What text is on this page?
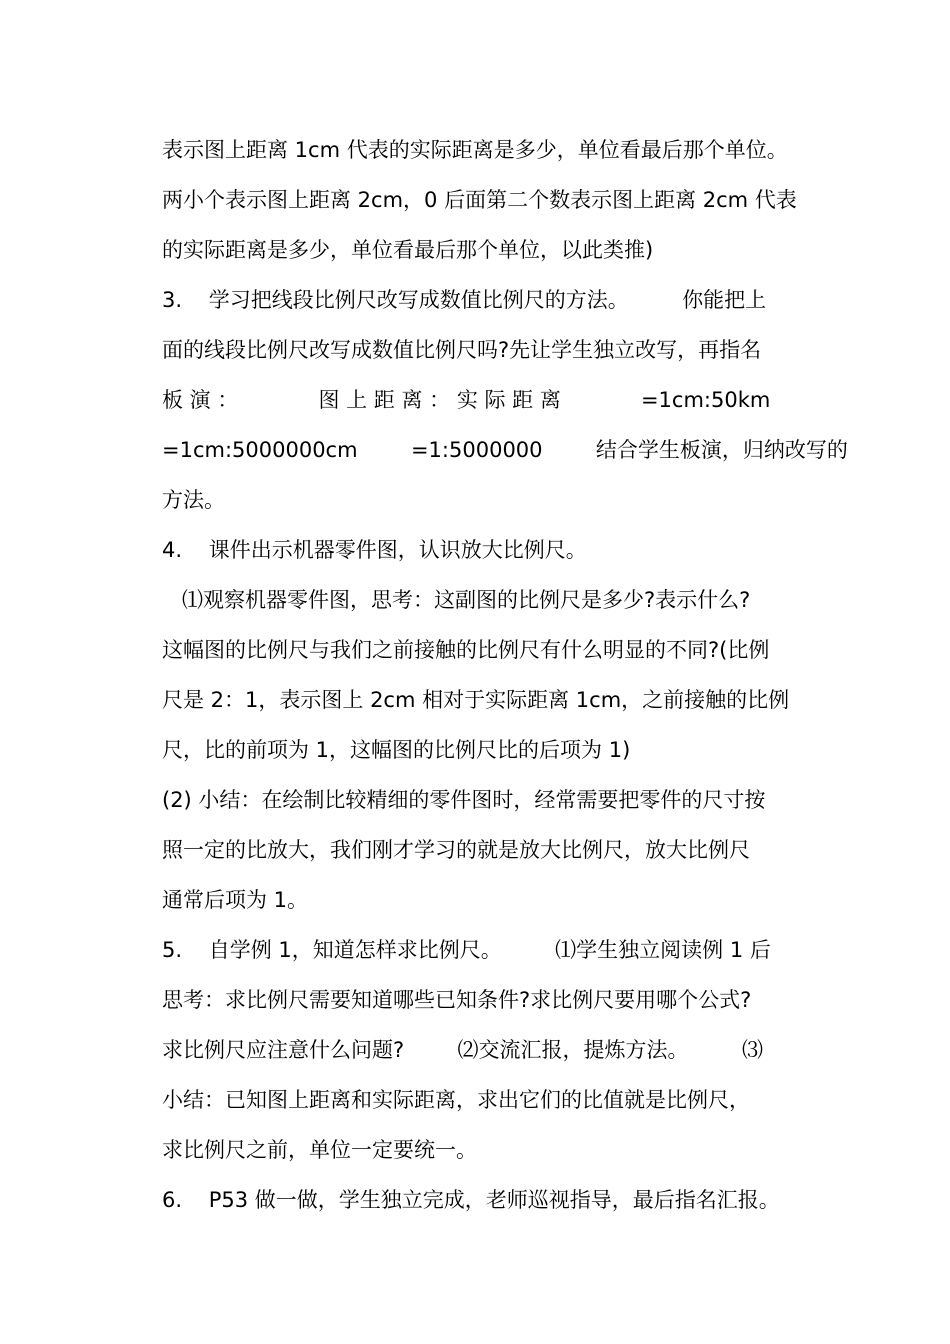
表示图上距离 1cm 代表的实际距离是多少，单位看最后那个单位。
两小个表示图上距离 2cm，0 后面第二个数表示图上距离 2cm 代表
的实际距离是多少，单位看最后那个单位，以此类推)
3.    学习把线段比例尺改写成数值比例尺的方法。        你能把上
面的线段比例尺改写成数值比例尺吗?先让学生独立改写，再指名
板 演 ：            图 上 距 离 ： 实 际 距 离            =1cm:50km
=1cm:5000000cm        =1:5000000        结合学生板演，归纳改写的
方法。
4.    课件出示机器零件图，认识放大比例尺。
⑴观察机器零件图，思考：这副图的比例尺是多少?表示什么?
这幅图的比例尺与我们之前接触的比例尺有什么明显的不同?(比例
尺是 2：1，表示图上 2cm 相对于实际距离 1cm，之前接触的比例
尺，比的前项为 1，这幅图的比例尺比的后项为 1)
(2) 小结：在绘制比较精细的零件图时，经常需要把零件的尺寸按
照一定的比放大，我们刚才学习的就是放大比例尺，放大比例尺
通常后项为 1。
5.    自学例 1，知道怎样求比例尺。        ⑴学生独立阅读例 1 后
思考：求比例尺需要知道哪些已知条件?求比例尺要用哪个公式?
求比例尺应注意什么问题?        ⑵交流汇报，提炼方法。        ⑶
小结：已知图上距离和实际距离，求出它们的比值就是比例尺，
求比例尺之前，单位一定要统一。
6.    P53 做一做，学生独立完成，老师巡视指导，最后指名汇报。
